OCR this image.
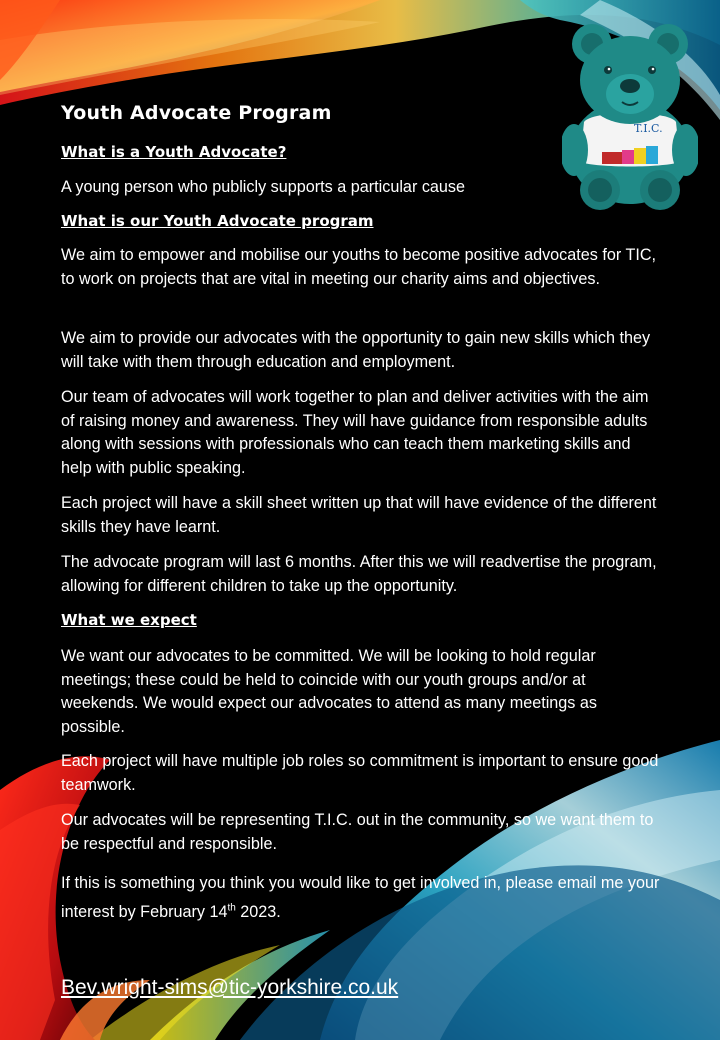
T.I.C.
Youth Advocate Program
What is a Youth Advocate?
A young person who publicly supports a particular cause
What is our Youth Advocate program
We aim to empower and mobilise our youths to become positive advocates for TIC, to work on projects that are vital in meeting our charity aims and objectives.
We aim to provide our advocates with the opportunity to gain new skills which they will take with them through education and employment.
Our team of advocates will work together to plan and deliver activities with the aim of raising money and awareness. They will have guidance from responsible adults along with sessions with professionals who can teach them marketing skills and help with public speaking.
Each project will have a skill sheet written up that will have evidence of the different skills they have learnt.
The advocate program will last 6 months. After this we will readvertise the program, allowing for different children to take up the opportunity.
What we expect
We want our advocates to be committed. We will be looking to hold regular meetings; these could be held to coincide with our youth groups and/or at weekends. We would expect our advocates to attend as many meetings as possible.
Each project will have multiple job roles so commitment is important to ensure good teamwork.
Our advocates will be representing T.I.C. out in the community, so we want them to be respectful and responsible.
If this is something you think you would like to get involved in, please email me your interest by February 14th 2023.
Bev.wright-sims@tic-yorkshire.co.uk
